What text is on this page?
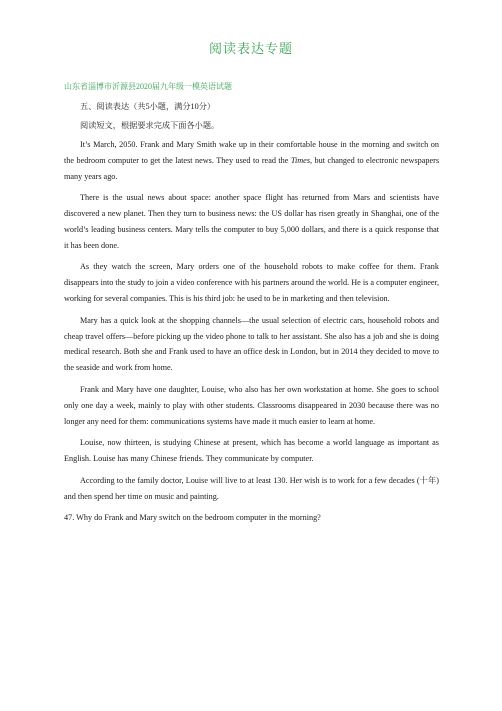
阅读表达专题
山东省淄博市沂源县2020届九年级一模英语试题

五、阅读表达（共5小题，满分10分）

阅读短文，根据要求完成下面各小题。

It’s March, 2050. Frank and Mary Smith wake up in their comfortable house in the morning and switch on the bedroom computer to get the latest news. They used to read the Times, but changed to electronic newspapers many years ago.

There is the usual news about space: another space flight has returned from Mars and scientists have discovered a new planet. Then they turn to business news: the US dollar has risen greatly in Shanghai, one of the world’s leading business centers. Mary tells the computer to buy 5,000 dollars, and there is a quick response that it has been done.

As they watch the screen, Mary orders one of the household robots to make coffee for them. Frank disappears into the study to join a video conference with his partners around the world. He is a computer engineer, working for several companies. This is his third job: he used to be in marketing and then television.

Mary has a quick look at the shopping channels—the usual selection of electric cars, household robots and cheap travel offers—before picking up the video phone to talk to her assistant. She also has a job and she is doing medical research. Both she and Frank used to have an office desk in London, but in 2014 they decided to move to the seaside and work from home.

Frank and Mary have one daughter, Louise, who also has her own workstation at home. She goes to school only one day a week, mainly to play with other students. Classrooms disappeared in 2030 because there was no longer any need for them: communications systems have made it much easier to learn at home.

Louise, now thirteen, is studying Chinese at present, which has become a world language as important as English. Louise has many Chinese friends. They communicate by computer.

According to the family doctor, Louise will live to at least 130. Her wish is to work for a few decades (十年) and then spend her time on music and painting.

47. Why do Frank and Mary switch on the bedroom computer in the morning?
